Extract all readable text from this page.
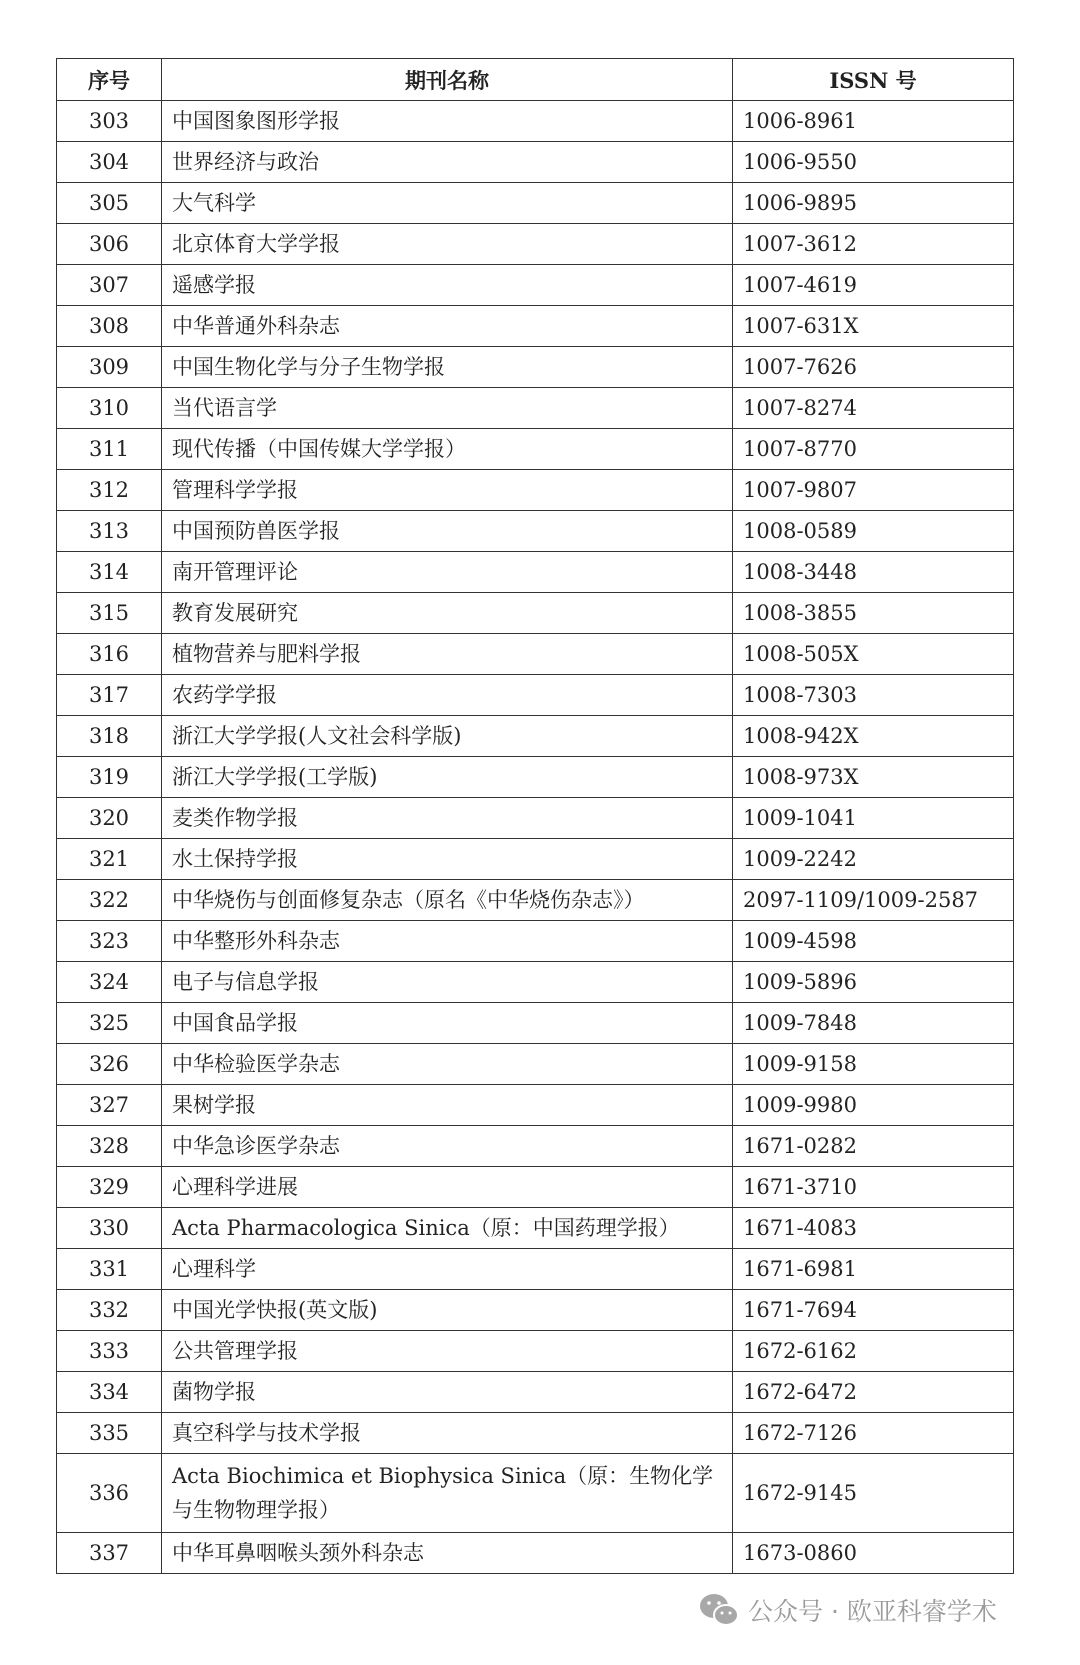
序号	期刊名称	ISSN 号
303	中国图象图形学报	1006-8961
304	世界经济与政治	1006-9550
305	大气科学	1006-9895
306	北京体育大学学报	1007-3612
307	遥感学报	1007-4619
308	中华普通外科杂志	1007-631X
309	中国生物化学与分子生物学报	1007-7626
310	当代语言学	1007-8274
311	现代传播（中国传媒大学学报）	1007-8770
312	管理科学学报	1007-9807
313	中国预防兽医学报	1008-0589
314	南开管理评论	1008-3448
315	教育发展研究	1008-3855
316	植物营养与肥料学报	1008-505X
317	农药学学报	1008-7303
318	浙江大学学报(人文社会科学版)	1008-942X
319	浙江大学学报(工学版)	1008-973X
320	麦类作物学报	1009-1041
321	水土保持学报	1009-2242
322	中华烧伤与创面修复杂志（原名《中华烧伤杂志》）	2097-1109/1009-2587
323	中华整形外科杂志	1009-4598
324	电子与信息学报	1009-5896
325	中国食品学报	1009-7848
326	中华检验医学杂志	1009-9158
327	果树学报	1009-9980
328	中华急诊医学杂志	1671-0282
329	心理科学进展	1671-3710
330	Acta Pharmacologica Sinica（原：中国药理学报）	1671-4083
331	心理科学	1671-6981
332	中国光学快报(英文版)	1671-7694
333	公共管理学报	1672-6162
334	菌物学报	1672-6472
335	真空科学与技术学报	1672-7126
336	Acta Biochimica et Biophysica Sinica（原：生物化学与生物物理学报）	1672-9145
337	中华耳鼻咽喉头颈外科杂志	1673-0860
公众号 · 欧亚科睿学术
